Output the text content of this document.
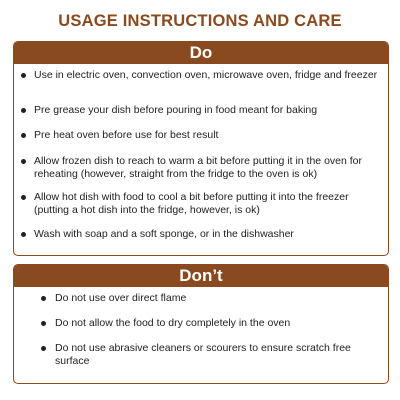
USAGE INSTRUCTIONS AND CARE
Do
Use in electric oven, convection oven, microwave oven, fridge and freezer
Pre grease your dish before pouring in food meant for baking
Pre heat oven before use for best result
Allow frozen dish to reach to warm a bit before putting it in the oven for reheating (however, straight from the fridge to the oven is ok)
Allow hot dish with food to cool a bit before putting it into the freezer (putting a hot dish into the fridge, however, is ok)
Wash with soap and a soft sponge, or in the dishwasher
Don’t
Do not use over direct flame
Do not allow the food to dry completely in the oven
Do not use abrasive cleaners or scourers to ensure scratch free surface
